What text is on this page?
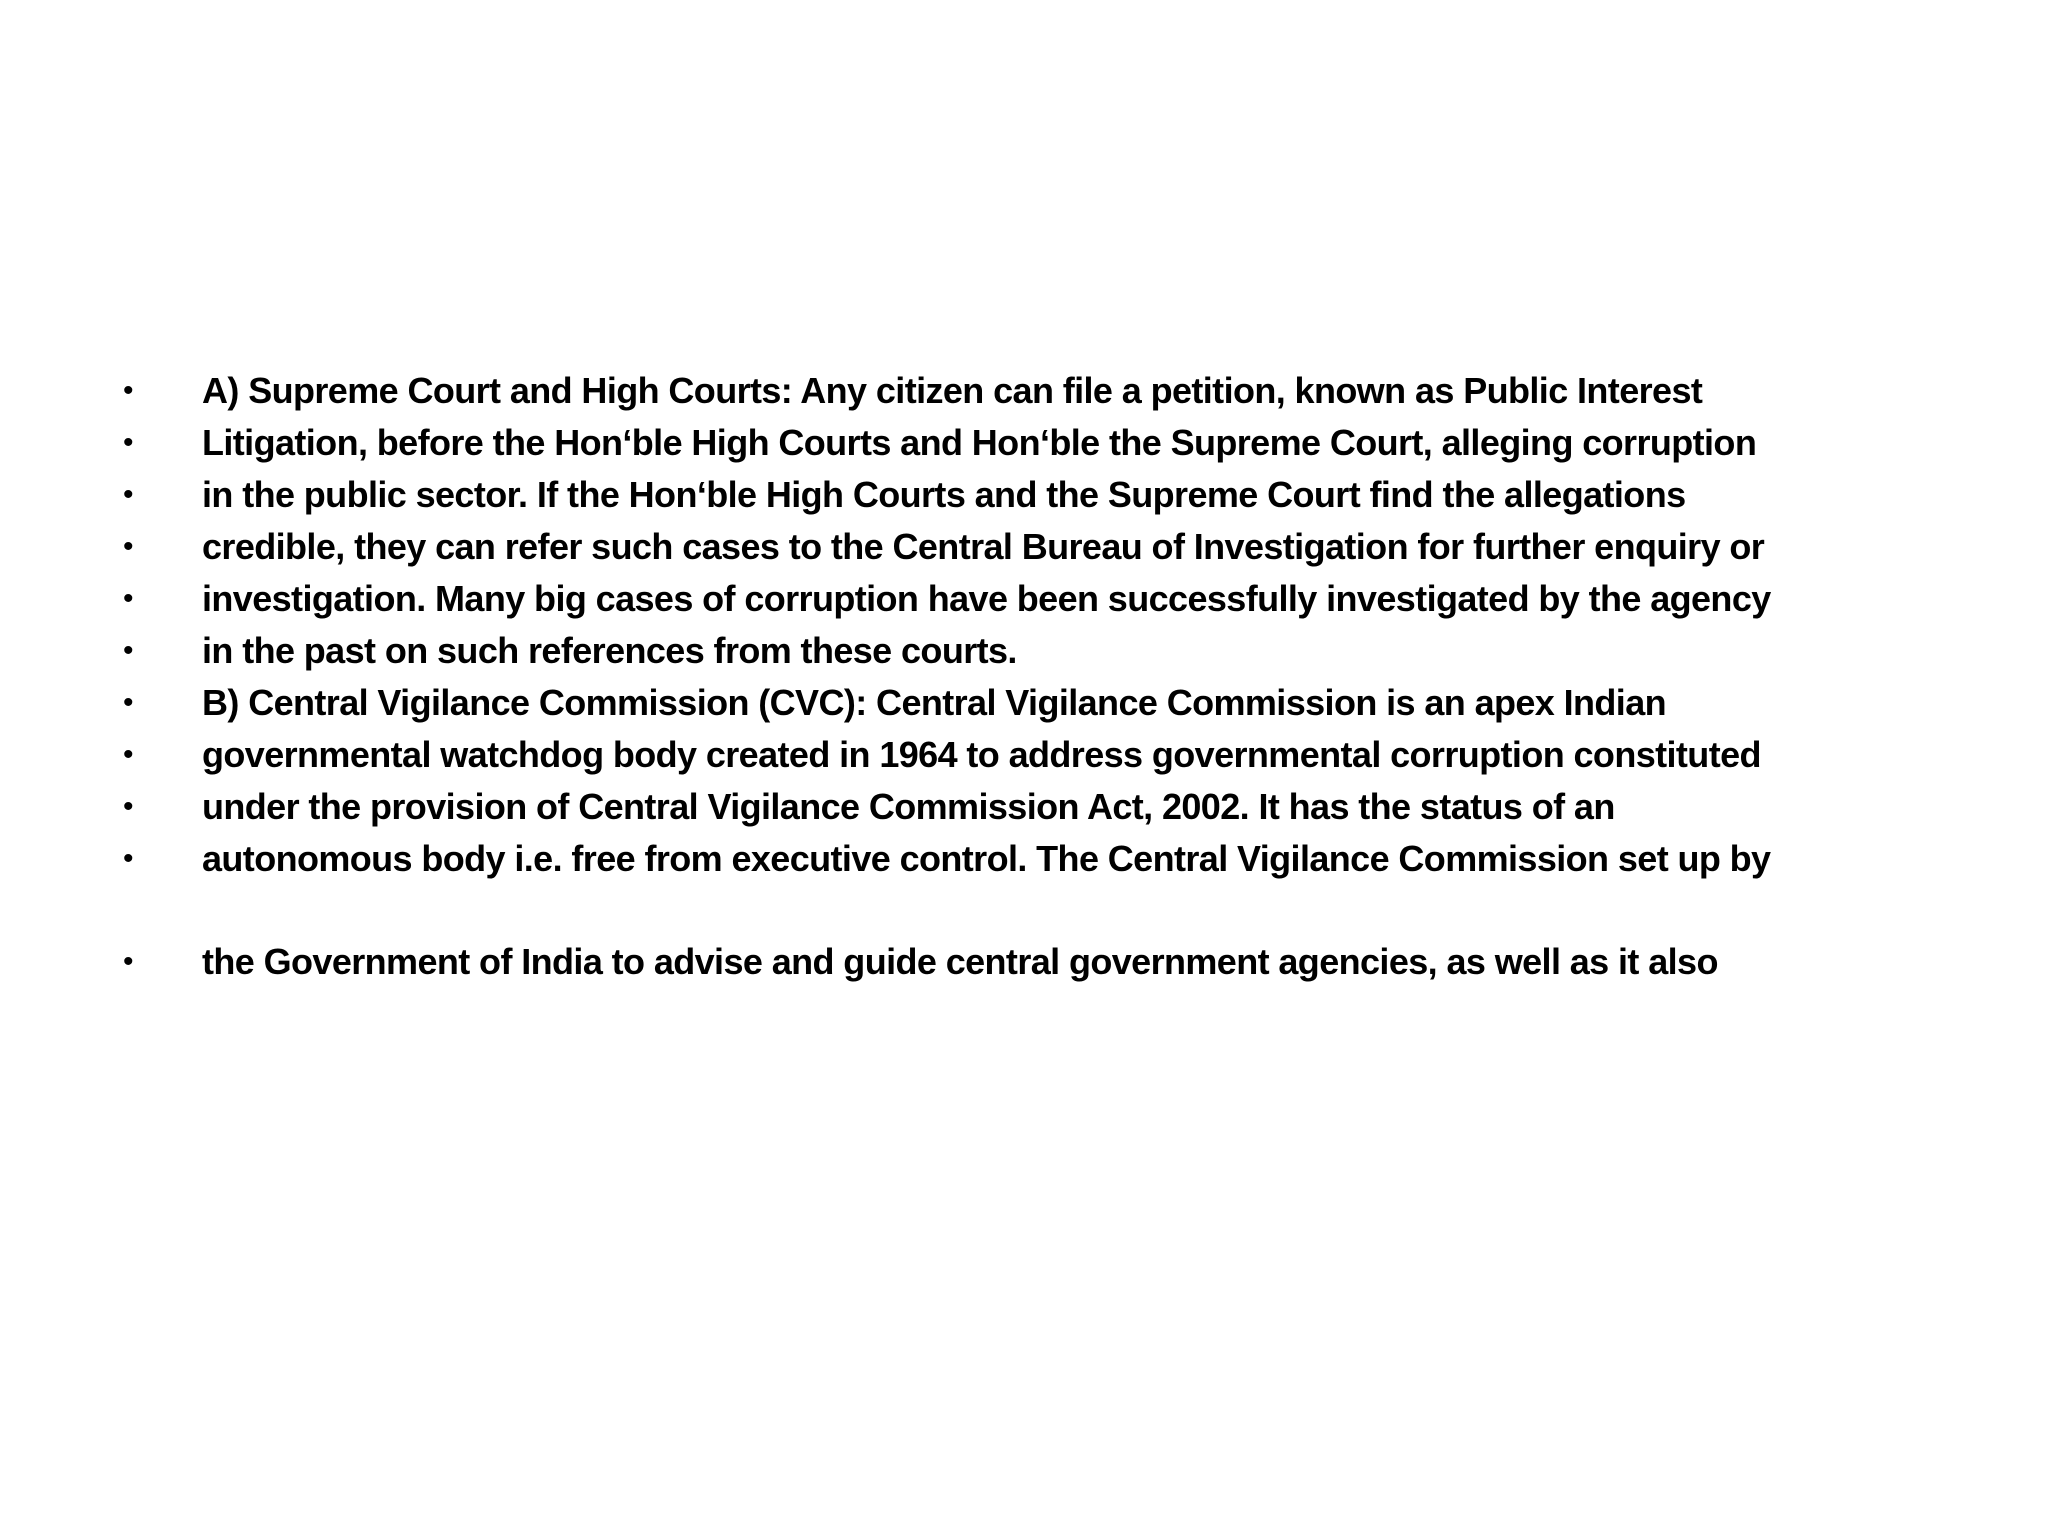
• A) Supreme Court and High Courts: Any citizen can file a petition, known as Public Interest
• Litigation, before the Hon‘ble High Courts and Hon‘ble the Supreme Court, alleging corruption
• in the public sector. If the Hon‘ble High Courts and the Supreme Court find the allegations
• credible, they can refer such cases to the Central Bureau of Investigation for further enquiry or
• investigation. Many big cases of corruption have been successfully investigated by the agency
• in the past on such references from these courts.
• B) Central Vigilance Commission (CVC): Central Vigilance Commission is an apex Indian
• governmental watchdog body created in 1964 to address governmental corruption constituted
• under the provision of Central Vigilance Commission Act, 2002. It has the status of an
• autonomous body i.e. free from executive control. The Central Vigilance Commission set up by
• the Government of India to advise and guide central government agencies, as well as it also
